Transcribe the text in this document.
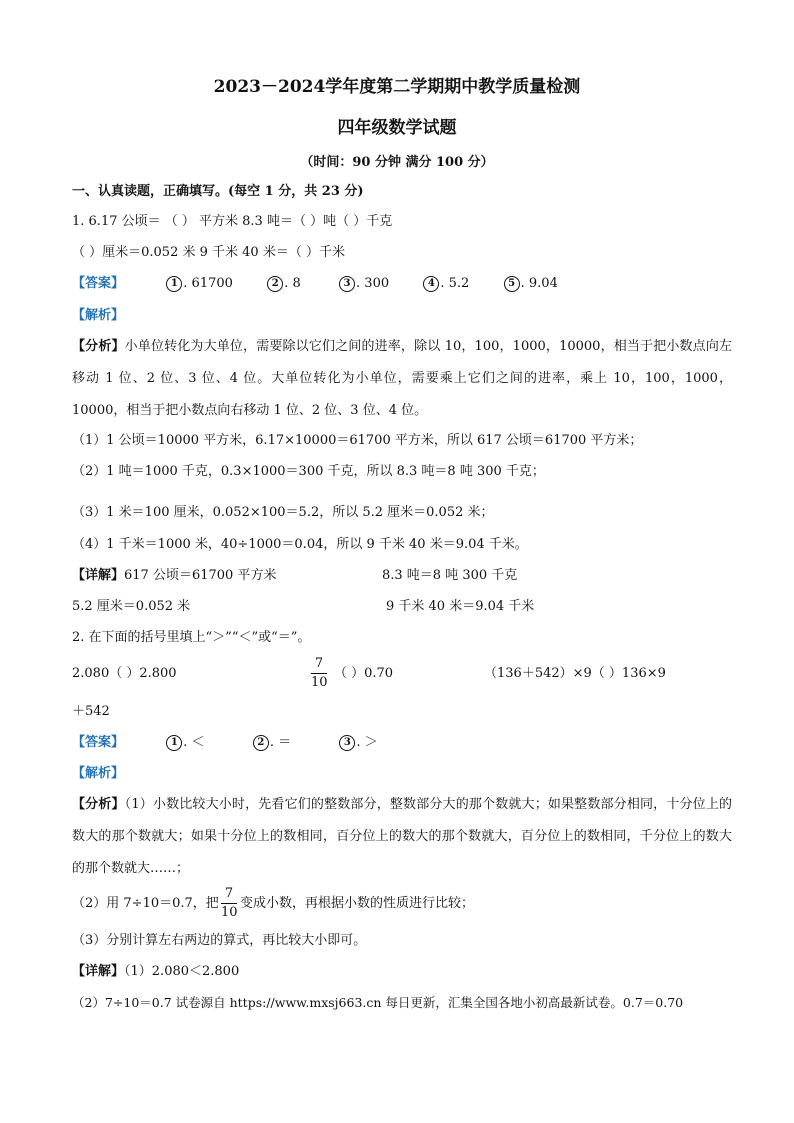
2023－2024学年度第二学期期中教学质量检测
四年级数学试题
（时间：90 分钟 满分 100 分）
一、认真读题，正确填写。(每空 1 分，共 23 分)
1. 6.17 公顷＝ （ ） 平方米 8.3 吨＝（ ）吨（ ）千克
（ ）厘米＝0.052 米 9 千米 40 米＝（ ）千米
【答案】	1 . 61700	2 . 8	3 . 300	4 . 5.2	5 . 9.04
【解析】
【分析】小单位转化为大单位，需要除以它们之间的进率，除以 10，100，1000，10000，相当于把小数点向左移动 1 位、2 位、3 位、4 位。大单位转化为小单位，需要乘上它们之间的进率，乘上 10，100，1000，10000，相当于把小数点向右移动 1 位、2 位、3 位、4 位。
（1）1 公顷＝10000 平方米，6.17×10000＝61700 平方米，所以 617 公顷＝61700 平方米；
（2）1 吨＝1000 千克，0.3×1000＝300 千克，所以 8.3 吨＝8 吨 300 千克；
（3）1 米＝100 厘米，0.052×100＝5.2，所以 5.2 厘米＝0.052 米；
（4）1 千米＝1000 米，40÷1000＝0.04，所以 9 千米 40 米＝9.04 千米。
【详解】617 公顷＝61700 平方米	8.3 吨＝8 吨 300 千克
5.2 厘米＝0.052 米	9 千米 40 米＝9.04 千米
2. 在下面的括号里填上“＞”“＜”或“＝”。
2.080（ ）2.800
7
10
（ ）0.70	（136＋542）×9（ ）136×9
＋542
【答案】	1 . ＜	2 . ＝	3 . ＞
【解析】
【分析】（1）小数比较大小时，先看它们的整数部分，整数部分大的那个数就大；如果整数部分相同，十分位上的数大的那个数就大；如果十分位上的数相同，百分位上的数大的那个数就大，百分位上的数相同，千分位上的数大的那个数就大……；
（2）用 7÷10＝0.7，把
7
10
变成小数，再根据小数的性质进行比较；
（3）分别计算左右两边的算式，再比较大小即可。
【详解】（1）2.080＜2.800
（2）7÷10＝0.7 试卷源自 https://www.mxsj663.cn 每日更新，汇集全国各地小初高最新试卷。0.7＝0.70
